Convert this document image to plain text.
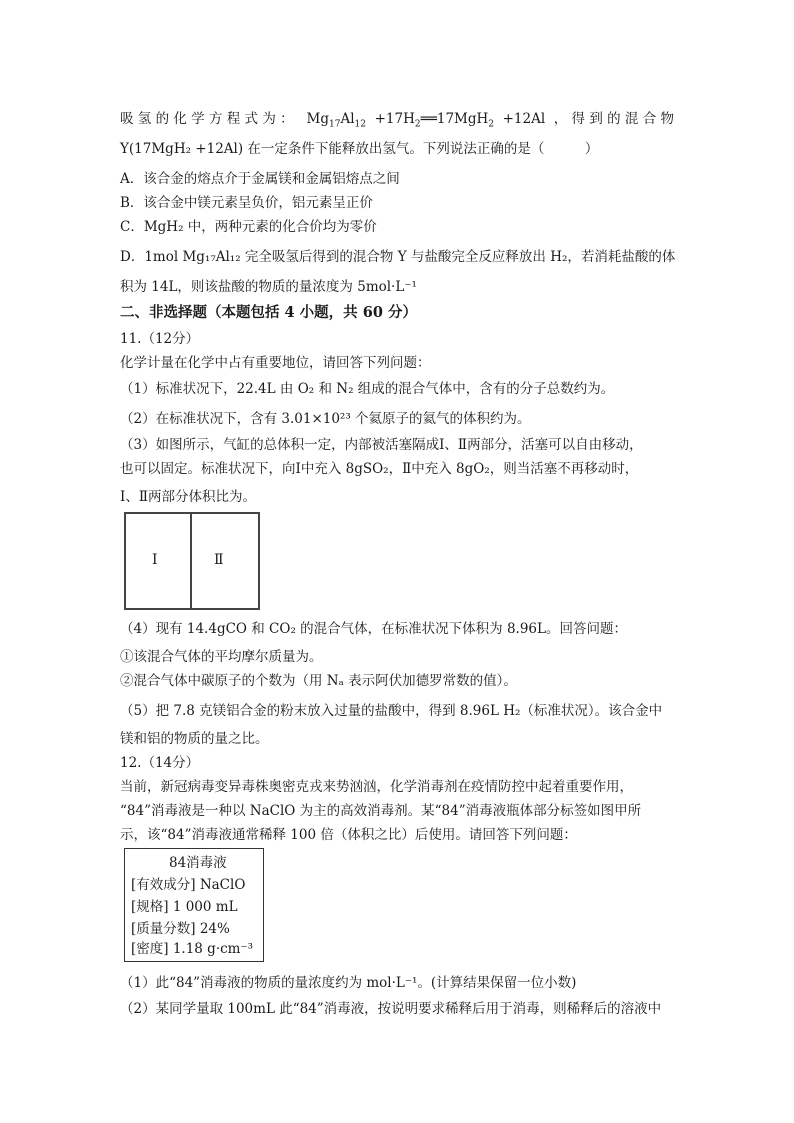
吸氢的化学方程式为： $Mg_{17}Al_{12}$ $+17H_2══17MgH_2 +12Al$ ，得到的混合物
Y(17MgH₂ +12Al) 在一定条件下能释放出氢气。下列说法正确的是（　　　）
A．该合金的熔点介于金属镁和金属铝熔点之间
B．该合金中镁元素呈负价，铝元素呈正价
C．MgH₂ 中，两种元素的化合价均为零价
D．1mol Mg₁₇Al₁₂ 完全吸氢后得到的混合物 Y 与盐酸完全反应释放出 H₂，若消耗盐酸的体
积为 14L，则该盐酸的物质的量浓度为 5mol·L⁻¹
二、非选择题（本题包括 4 小题，共 60 分）
11.（12分）
化学计量在化学中占有重要地位，请回答下列问题：
（1）标准状况下，22.4L 由 O₂ 和 N₂ 组成的混合气体中，含有的分子总数约为。
（2）在标准状况下，含有 3.01×10²³ 个氦原子的氦气的体积约为。
（3）如图所示，气缸的总体积一定，内部被活塞隔成Ⅰ、Ⅱ两部分，活塞可以自由移动，
也可以固定。标准状况下，向Ⅰ中充入 8gSO₂，Ⅱ中充入 8gO₂，则当活塞不再移动时，
Ⅰ、Ⅱ两部分体积比为。
Ⅰ	Ⅱ
（4）现有 14.4gCO 和 CO₂ 的混合气体，在标准状况下体积为 8.96L。回答问题：
①该混合气体的平均摩尔质量为。
②混合气体中碳原子的个数为（用 Nₐ 表示阿伏加德罗常数的值）。
（5）把 7.8 克镁铝合金的粉末放入过量的盐酸中，得到 8.96L H₂（标准状况）。该合金中
镁和铝的物质的量之比。
12.（14分）
当前，新冠病毒变异毒株奥密克戎来势汹汹，化学消毒剂在疫情防控中起着重要作用，
“84”消毒液是一种以 NaClO 为主的高效消毒剂。某“84”消毒液瓶体部分标签如图甲所
示，该“84”消毒液通常稀释 100 倍（体积之比）后使用。请回答下列问题：
84消毒液
[有效成分] NaClO
[规格] 1 000 mL
[质量分数] 24%
[密度] 1.18 g·cm⁻³
（1）此“84”消毒液的物质的量浓度约为 mol·L⁻¹。(计算结果保留一位小数)
（2）某同学量取 100mL 此“84”消毒液，按说明要求稀释后用于消毒，则稀释后的溶液中
